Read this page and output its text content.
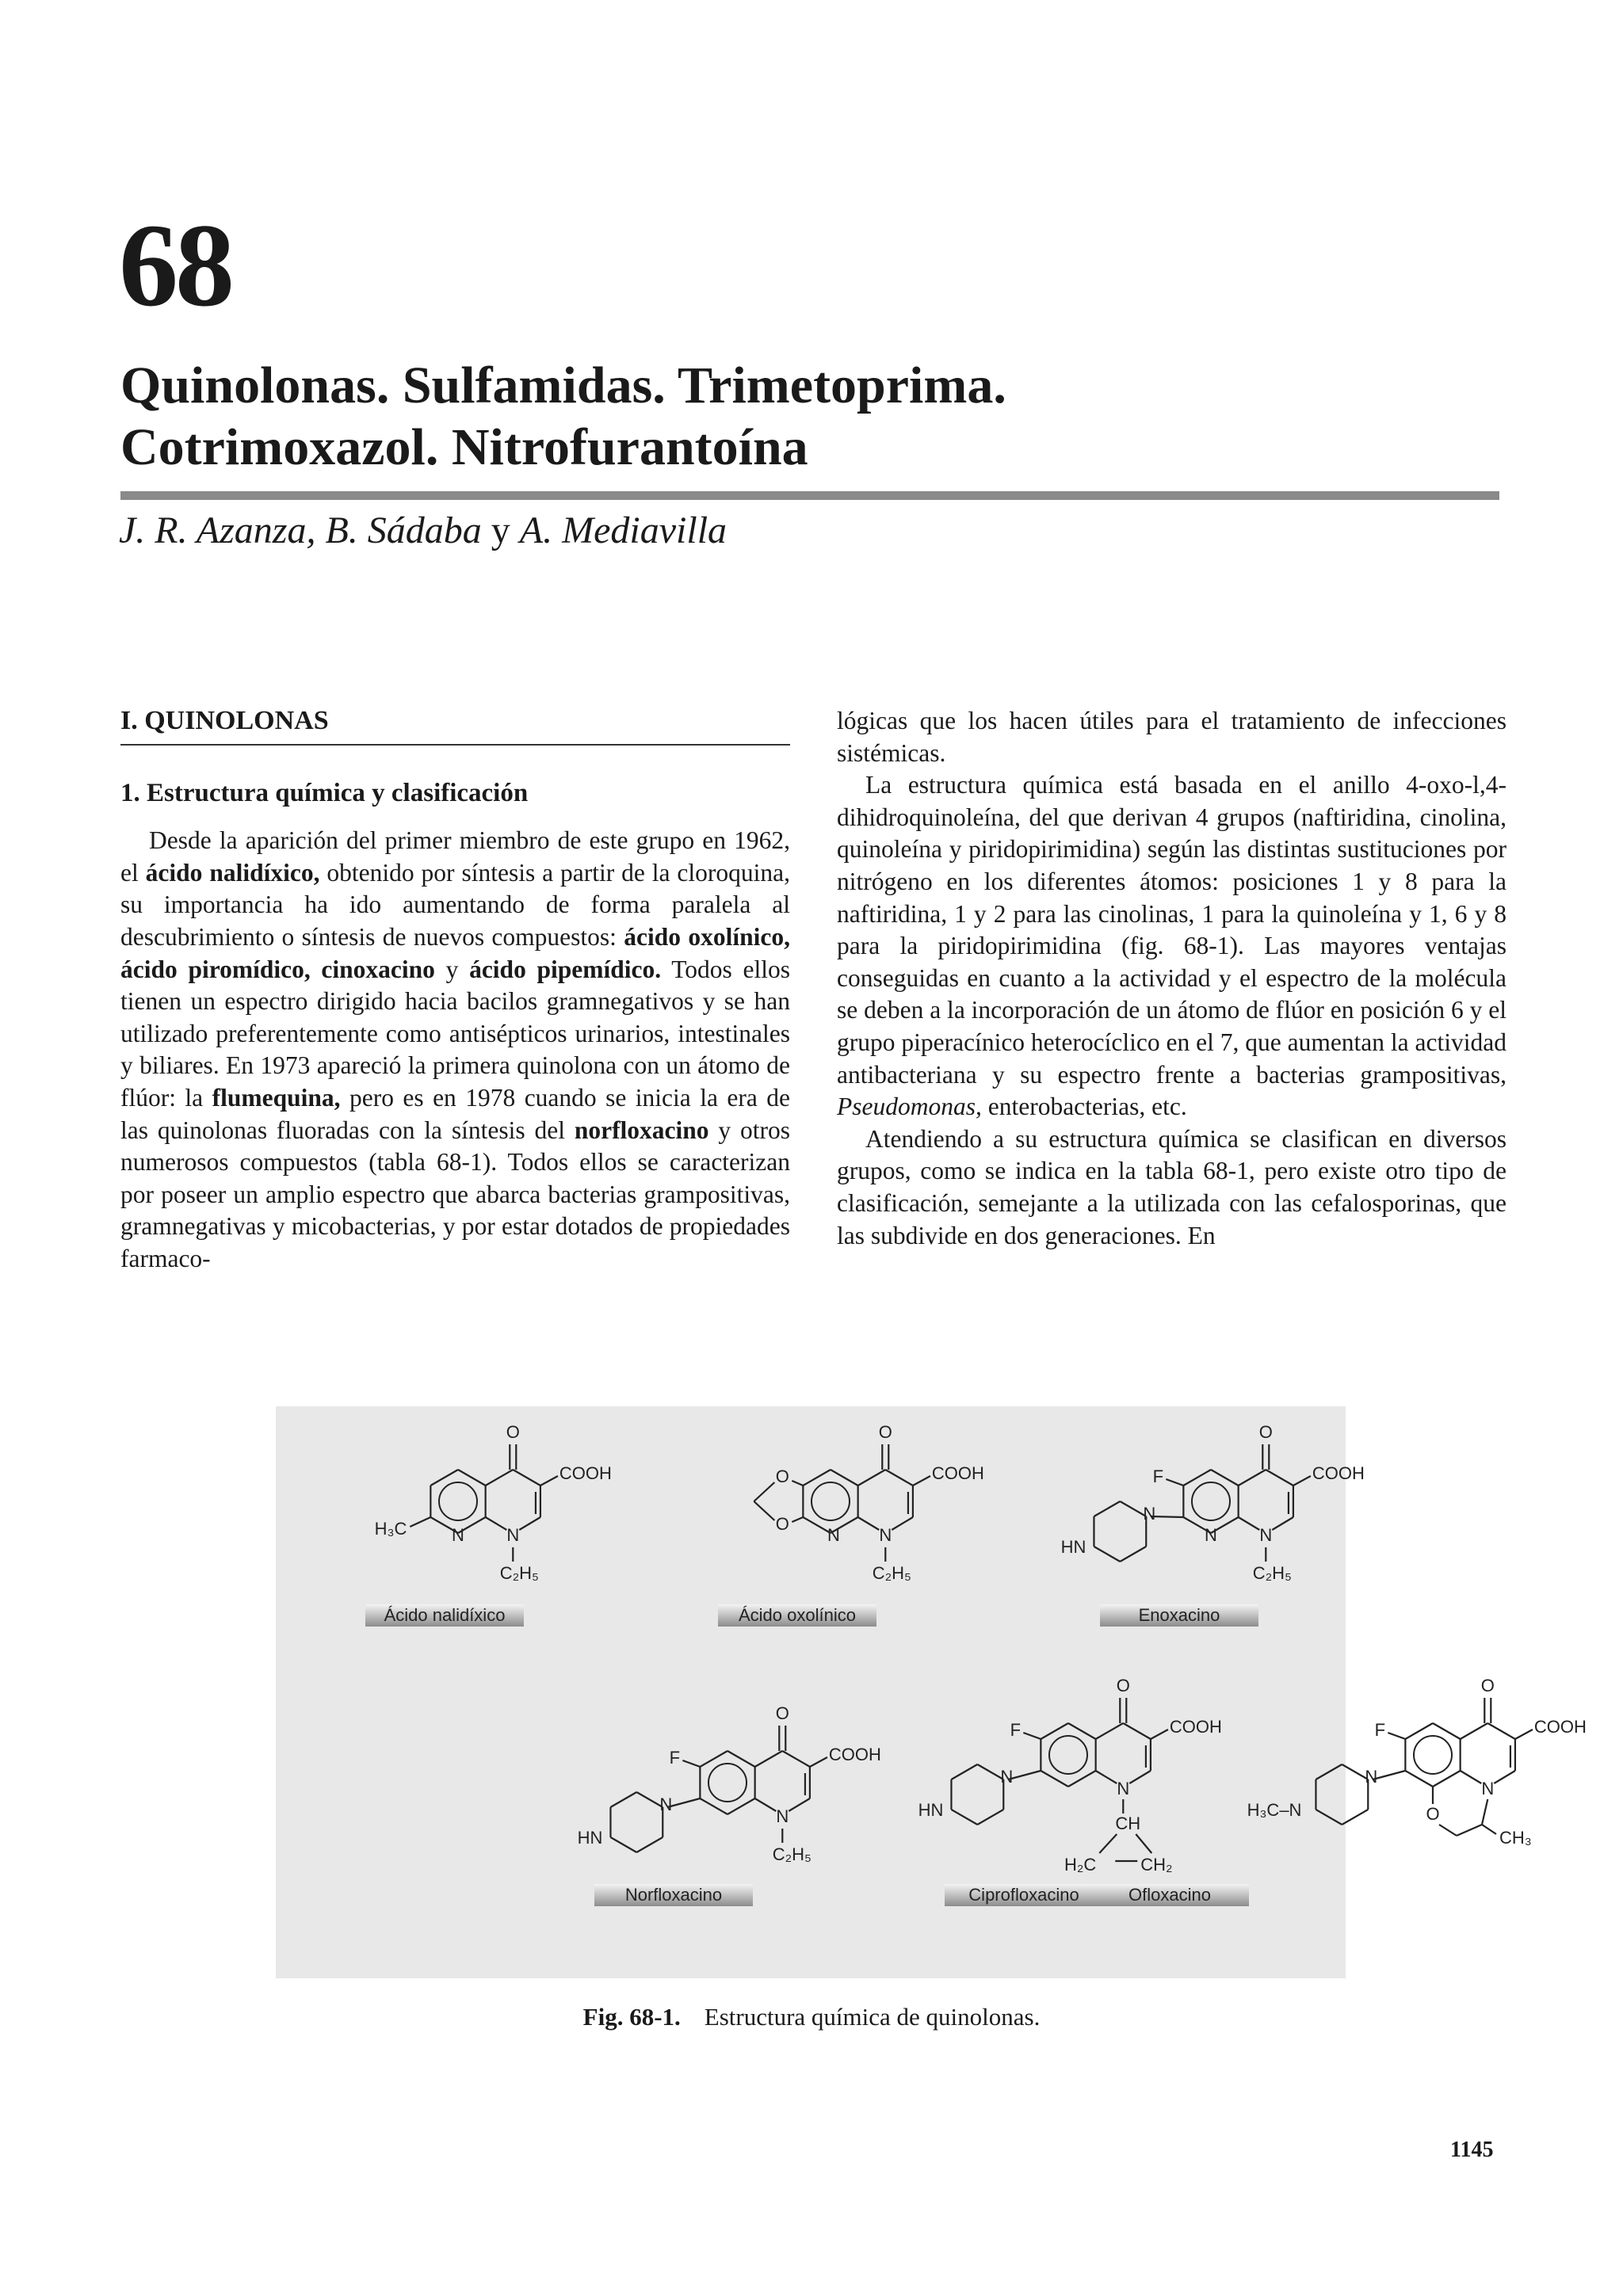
68
Quinolonas. Sulfamidas. Trimetoprima.
Cotrimoxazol. Nitrofurantoína
J. R. Azanza, B. Sádaba y A. Mediavilla
I. QUINOLONAS
1. Estructura química y clasificación

Desde la aparición del primer miembro de este grupo en 1962, el ácido nalidíxico, obtenido por síntesis a partir de la cloroquina, su importancia ha ido aumentando de forma paralela al descubrimiento o síntesis de nuevos compuestos: ácido oxolínico, ácido piromídico, cinoxacino y ácido pipemídico. Todos ellos tienen un espectro dirigido hacia bacilos gramnegativos y se han utilizado preferentemente como antisépticos urinarios, intestinales y biliares. En 1973 apareció la primera quinolona con un átomo de flúor: la flumequina, pero es en 1978 cuando se inicia la era de las quinolonas fluoradas con la síntesis del norfloxacino y otros numerosos compuestos (tabla 68-1). Todos ellos se caracterizan por poseer un amplio espectro que abarca bacterias grampositivas, gramnegativas y micobacterias, y por estar dotados de propiedades farmaco-

lógicas que los hacen útiles para el tratamiento de infecciones sistémicas.

La estructura química está basada en el anillo 4-oxo-l,4-dihidroquinoleína, del que derivan 4 grupos (naftiridina, cinolina, quinoleína y piridopirimidina) según las distintas sustituciones por nitrógeno en los diferentes átomos: posiciones 1 y 8 para la naftiridina, 1 y 2 para las cinolinas, 1 para la quinoleína y 1, 6 y 8 para la piridopirimidina (fig. 68-1). Las mayores ventajas conseguidas en cuanto a la actividad y el espectro de la molécula se deben a la incorporación de un átomo de flúor en posición 6 y el grupo piperacínico heterocíclico en el 7, que aumentan la actividad antibacteriana y su espectro frente a bacterias grampositivas, Pseudomonas, enterobacterias, etc.

Atendiendo a su estructura química se clasifican en diversos grupos, como se indica en la tabla 68-1, pero existe otro tipo de clasificación, semejante a la utilizada con las cefalosporinas, que las subdivide en dos generaciones. En

O
COOH
N
N
H₃C
C₂H₅
O
COOH
N
O
O
N
C₂H₅
O
COOH
N
N
F
N
HN
C₂H₅
O
COOH
N
F
N
HN
C₂H₅
O
COOH
N
F
N
HN
CH
H₂C	CH₂
O
COOH
N
F
N
H₃C–N	O
CH₃
Ácido nalidíxico	Ácido oxolínico	Enoxacino
Norfloxacino	Ciprofloxacino	Ofloxacino
Fig. 68-1. Estructura química de quinolonas.
1145
